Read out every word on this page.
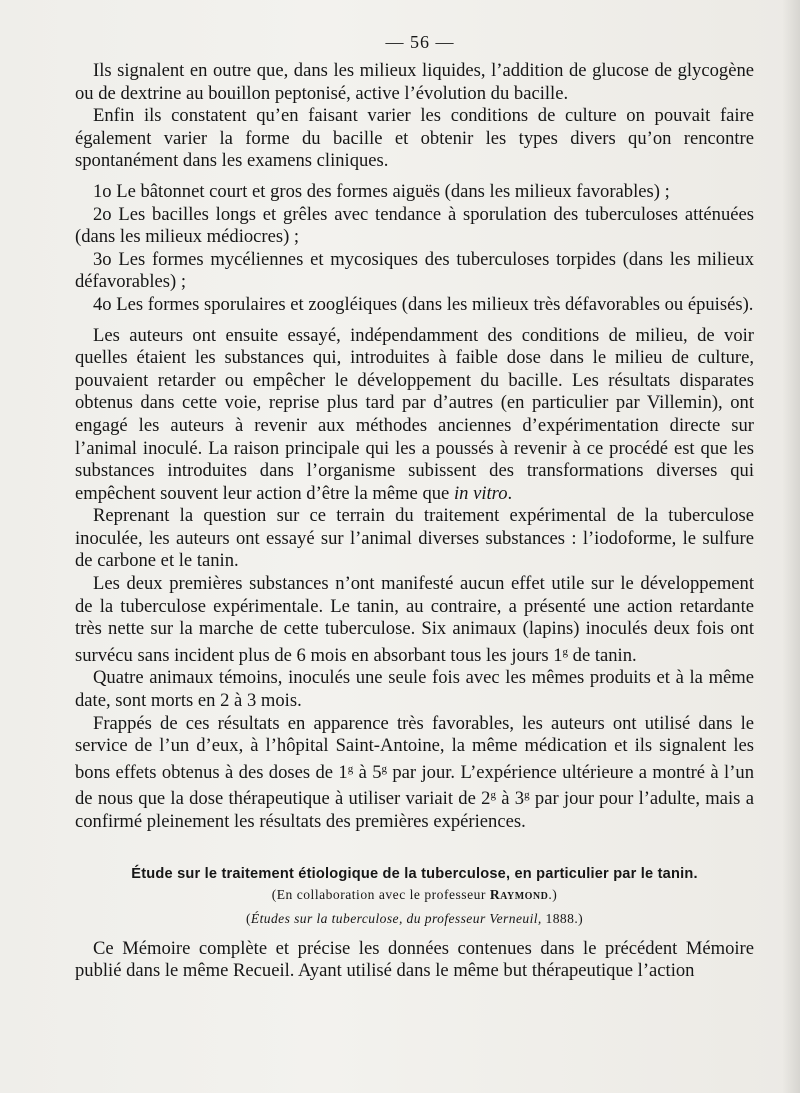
— 56 —

Ils signalent en outre que, dans les milieux liquides, l’addition de glucose de glycogène ou de dextrine au bouillon peptonisé, active l’évolution du bacille.

Enfin ils constatent qu’en faisant varier les conditions de culture on pouvait faire également varier la forme du bacille et obtenir les types divers qu’on rencontre spontanément dans les examens cliniques.

1o Le bâtonnet court et gros des formes aiguës (dans les milieux favorables) ;

2o Les bacilles longs et grêles avec tendance à sporulation des tuberculoses atténuées (dans les milieux médiocres) ;

3o Les formes mycéliennes et mycosiques des tuberculoses torpides (dans les milieux défavorables) ;

4o Les formes sporulaires et zoogléiques (dans les milieux très défavorables ou épuisés).

Les auteurs ont ensuite essayé, indépendamment des conditions de milieu, de voir quelles étaient les substances qui, introduites à faible dose dans le milieu de culture, pouvaient retarder ou empêcher le développement du bacille. Les résultats disparates obtenus dans cette voie, reprise plus tard par d’autres (en particulier par Villemin), ont engagé les auteurs à revenir aux méthodes anciennes d’expérimentation directe sur l’animal inoculé. La raison principale qui les a poussés à revenir à ce procédé est que les substances introduites dans l’organisme subissent des transformations diverses qui empêchent souvent leur action d’être la même que in vitro.

Reprenant la question sur ce terrain du traitement expérimental de la tuberculose inoculée, les auteurs ont essayé sur l’animal diverses substances : l’iodoforme, le sulfure de carbone et le tanin.

Les deux premières substances n’ont manifesté aucun effet utile sur le développement de la tuberculose expérimentale. Le tanin, au contraire, a présenté une action retardante très nette sur la marche de cette tuberculose. Six animaux (lapins) inoculés deux fois ont survécu sans incident plus de 6 mois en absorbant tous les jours 1$^g$ de tanin.

Quatre animaux témoins, inoculés une seule fois avec les mêmes produits et à la même date, sont morts en 2 à 3 mois.

Frappés de ces résultats en apparence très favorables, les auteurs ont utilisé dans le service de l’un d’eux, à l’hôpital Saint-Antoine, la même médication et ils signalent les bons effets obtenus à des doses de 1$^g$ à 5$^g$ par jour. L’expérience ultérieure a montré à l’un de nous que la dose thérapeutique à utiliser variait de 2$^g$ à 3$^g$ par jour pour l’adulte, mais a confirmé pleinement les résultats des premières expériences.

Étude sur le traitement étiologique de la tuberculose, en particulier par le tanin.
(En collaboration avec le professeur Raymond.)
(Études sur la tuberculose, du professeur Verneuil, 1888.)

Ce Mémoire complète et précise les données contenues dans le précédent Mémoire publié dans le même Recueil. Ayant utilisé dans le même but thérapeutique l’action
